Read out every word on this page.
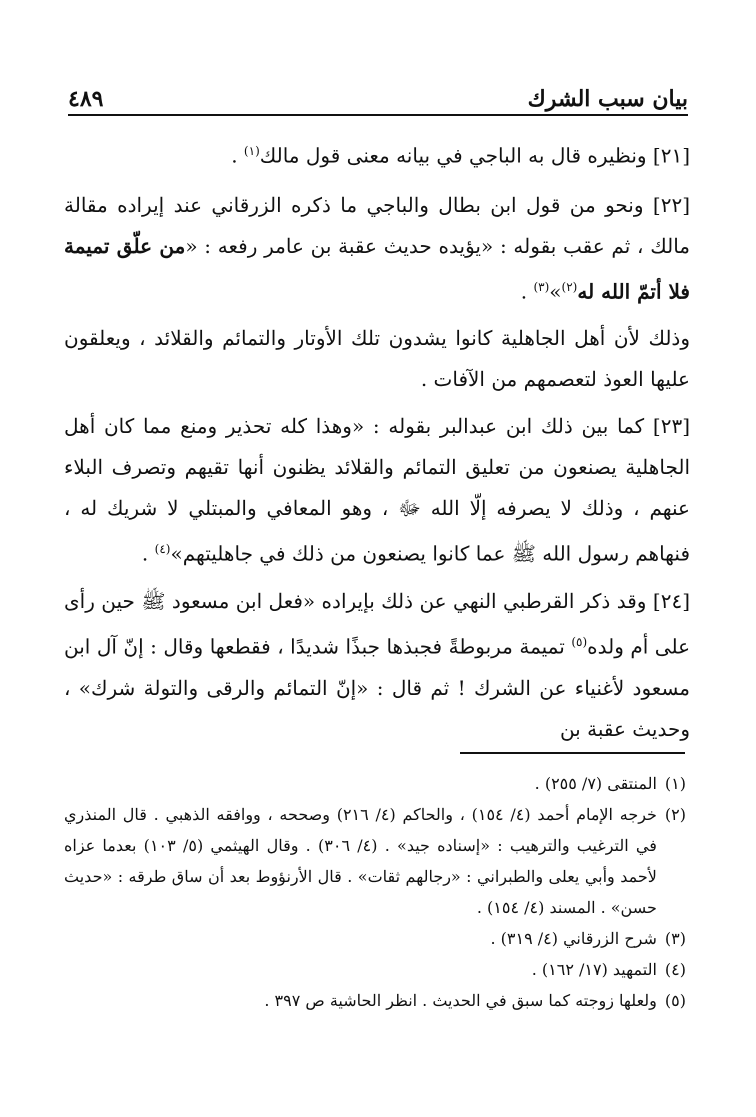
بيان سبب الشرك
٤٨٩

[٢١] ونظيره قال به الباجي في بيانه معنى قول مالك$^{(١)}$ .

[٢٢] ونحو من قول ابن بطال والباجي ما ذكره الزرقاني عند إيراده مقالة مالك ، ثم عقب بقوله : «يؤيده حديث عقبة بن عامر رفعه : «من علّق تميمة فلا أتمّ الله له$^{(٢)}$»$^{(٣)}$ .

وذلك لأن أهل الجاهلية كانوا يشدون تلك الأوتار والتمائم والقلائد ، ويعلقون عليها العوذ لتعصمهم من الآفات .

[٢٣] كما بين ذلك ابن عبدالبر بقوله : «وهذا كله تحذير ومنع مما كان أهل الجاهلية يصنعون من تعليق التمائم والقلائد يظنون أنها تقيهم وتصرف البلاء عنهم ، وذلك لا يصرفه إلّا الله ﷻ ، وهو المعافي والمبتلي لا شريك له ، فنهاهم رسول الله ﷺ عما كانوا يصنعون من ذلك في جاهليتهم»$^{(٤)}$ .

[٢٤] وقد ذكر القرطبي النهي عن ذلك بإيراده «فعل ابن مسعود ﷺ حين رأى على أم ولده$^{(٥)}$ تميمة مربوطةً فجبذها جبذًا شديدًا ، فقطعها وقال : إنّ آل ابن مسعود لأغنياء عن الشرك ! ثم قال : «إنّ التمائم والرقى والتولة شرك» ، وحديث عقبة بن

(١)
المنتقى (٧/ ٢٥٥) .

(٢)
خرجه الإمام أحمد (٤/ ١٥٤) ، والحاكم (٤/ ٢١٦) وصححه ، ووافقه الذهبي . قال المنذري في الترغيب والترهيب : «إسناده جيد» . (٤/ ٣٠٦) . وقال الهيثمي (٥/ ١٠٣) بعدما عزاه لأحمد وأبي يعلى والطبراني : «رجالهم ثقات» . قال الأرنؤوط بعد أن ساق طرقه : «حديث حسن» . المسند (٤/ ١٥٤) .

(٣)
شرح الزرقاني (٤/ ٣١٩) .

(٤)
التمهيد (١٧/ ١٦٢) .

(٥)
ولعلها زوجته كما سبق في الحديث . انظر الحاشية ص ٣٩٧ .
